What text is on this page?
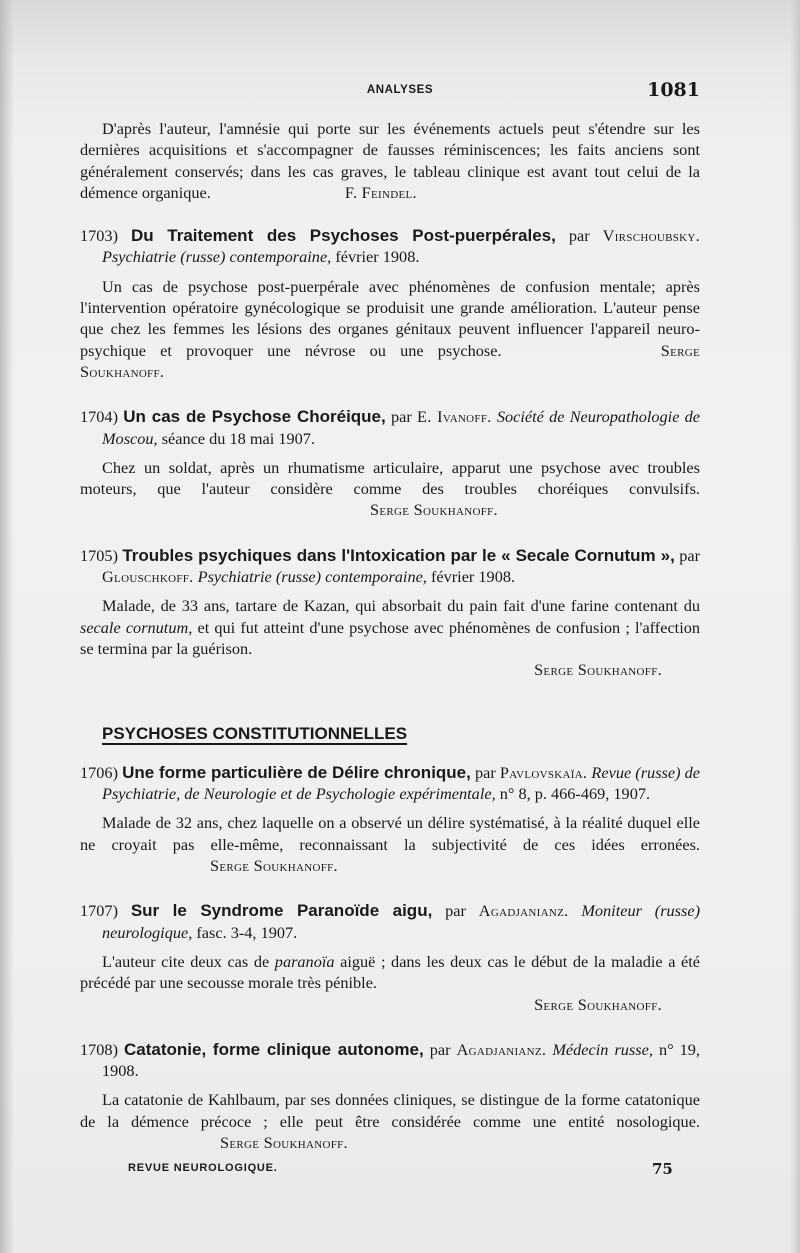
ANALYSES	1081

D'après l'auteur, l'amnésie qui porte sur les événements actuels peut s'étendre sur les dernières acquisitions et s'accompagner de fausses réminiscences; les faits anciens sont généralement conservés; dans les cas graves, le tableau clinique est avant tout celui de la démence organique.	F. Feindel.

1703) Du Traitement des Psychoses Post-puerpérales, par Virschoubsky. Psychiatrie (russe) contemporaine, février 1908.

Un cas de psychose post-puerpérale avec phénomènes de confusion mentale; après l'intervention opératoire gynécologique se produisit une grande amélioration. L'auteur pense que chez les femmes les lésions des organes génitaux peuvent influencer l'appareil neuro-psychique et provoquer une névrose ou une psychose.	Serge Soukhanoff.

1704) Un cas de Psychose Choréique, par E. Ivanoff. Société de Neuropathologie de Moscou, séance du 18 mai 1907.

Chez un soldat, après un rhumatisme articulaire, apparut une psychose avec troubles moteurs, que l'auteur considère comme des troubles choréiques convulsifs. Serge Soukhanoff.

1705) Troubles psychiques dans l'Intoxication par le « Secale Cornutum », par Glouschkoff. Psychiatrie (russe) contemporaine, février 1908.

Malade, de 33 ans, tartare de Kazan, qui absorbait du pain fait d'une farine contenant du secale cornutum, et qui fut atteint d'une psychose avec phénomènes de confusion ; l'affection se termina par la guérison.

Serge Soukhanoff.

PSYCHOSES CONSTITUTIONNELLES

1706) Une forme particulière de Délire chronique, par Pavlovskaïa. Revue (russe) de Psychiatrie, de Neurologie et de Psychologie expérimentale, n° 8, p. 466-469, 1907.

Malade de 32 ans, chez laquelle on a observé un délire systématisé, à la réalité duquel elle ne croyait pas elle-même, reconnaissant la subjectivité de ces idées erronées. Serge Soukhanoff.

1707) Sur le Syndrome Paranoïde aigu, par Agadjanianz. Moniteur (russe) neurologique, fasc. 3-4, 1907.

L'auteur cite deux cas de paranoïa aiguë ; dans les deux cas le début de la maladie a été précédé par une secousse morale très pénible.

Serge Soukhanoff.

1708) Catatonie, forme clinique autonome, par Agadjanianz. Médecin russe, n° 19, 1908.

La catatonie de Kahlbaum, par ses données cliniques, se distingue de la forme catatonique de la démence précoce ; elle peut être considérée comme une entité nosologique. Serge Soukhanoff.

REVUE NEUROLOGIQUE.	75
